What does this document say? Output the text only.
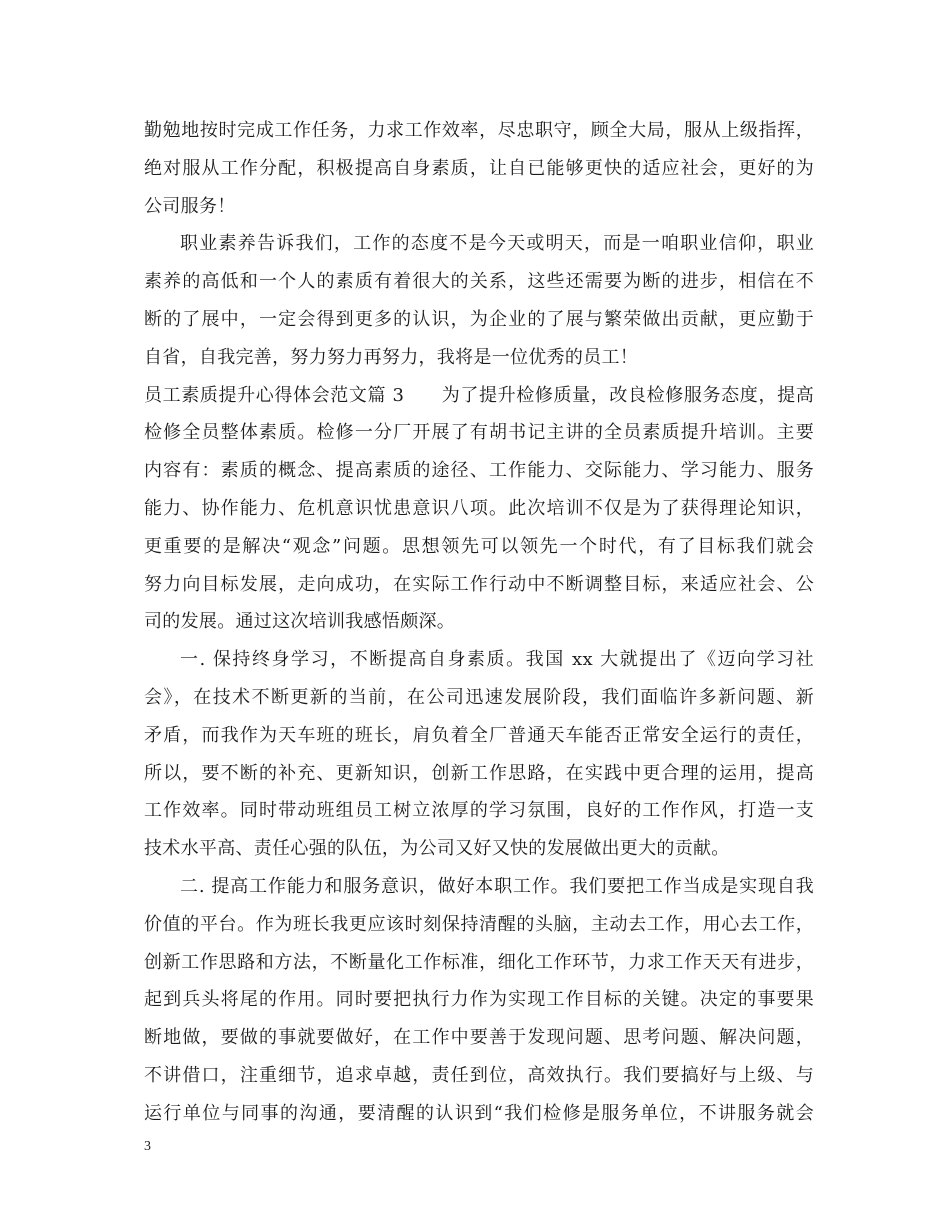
勤勉地按时完成工作任务，力求工作效率，尽忠职守，顾全大局，服从上级指挥，
绝对服从工作分配，积极提高自身素质，让自已能够更快的适应社会，更好的为
公司服务！
职业素养告诉我们，工作的态度不是今天或明天，而是一咱职业信仰，职业
素养的高低和一个人的素质有着很大的关系，这些还需要为断的进步，相信在不
断的了展中，一定会得到更多的认识，为企业的了展与繁荣做出贡献，更应勤于
自省，自我完善，努力努力再努力，我将是一位优秀的员工！
员工素质提升心得体会范文篇 3　　为了提升检修质量，改良检修服务态度，提高
检修全员整体素质。检修一分厂开展了有胡书记主讲的全员素质提升培训。主要
内容有：素质的概念、提高素质的途径、工作能力、交际能力、学习能力、服务
能力、协作能力、危机意识忧患意识八项。此次培训不仅是为了获得理论知识，
更重要的是解决“观念”问题。思想领先可以领先一个时代，有了目标我们就会
努力向目标发展，走向成功，在实际工作行动中不断调整目标，来适应社会、公
司的发展。通过这次培训我感悟颇深。
一. 保持终身学习，不断提高自身素质。我国 xx 大就提出了《迈向学习社
会》，在技术不断更新的当前，在公司迅速发展阶段，我们面临许多新问题、新
矛盾，而我作为天车班的班长，肩负着全厂普通天车能否正常安全运行的责任，
所以，要不断的补充、更新知识，创新工作思路，在实践中更合理的运用，提高
工作效率。同时带动班组员工树立浓厚的学习氛围，良好的工作作风，打造一支
技术水平高、责任心强的队伍，为公司又好又快的发展做出更大的贡献。
二. 提高工作能力和服务意识，做好本职工作。我们要把工作当成是实现自我
价值的平台。作为班长我更应该时刻保持清醒的头脑，主动去工作，用心去工作，
创新工作思路和方法，不断量化工作标准，细化工作环节，力求工作天天有进步，
起到兵头将尾的作用。同时要把执行力作为实现工作目标的关键。决定的事要果
断地做，要做的事就要做好，在工作中要善于发现问题、思考问题、解决问题，
不讲借口，注重细节，追求卓越，责任到位，高效执行。我们要搞好与上级、与
运行单位与同事的沟通，要清醒的认识到“我们检修是服务单位，不讲服务就会
3
